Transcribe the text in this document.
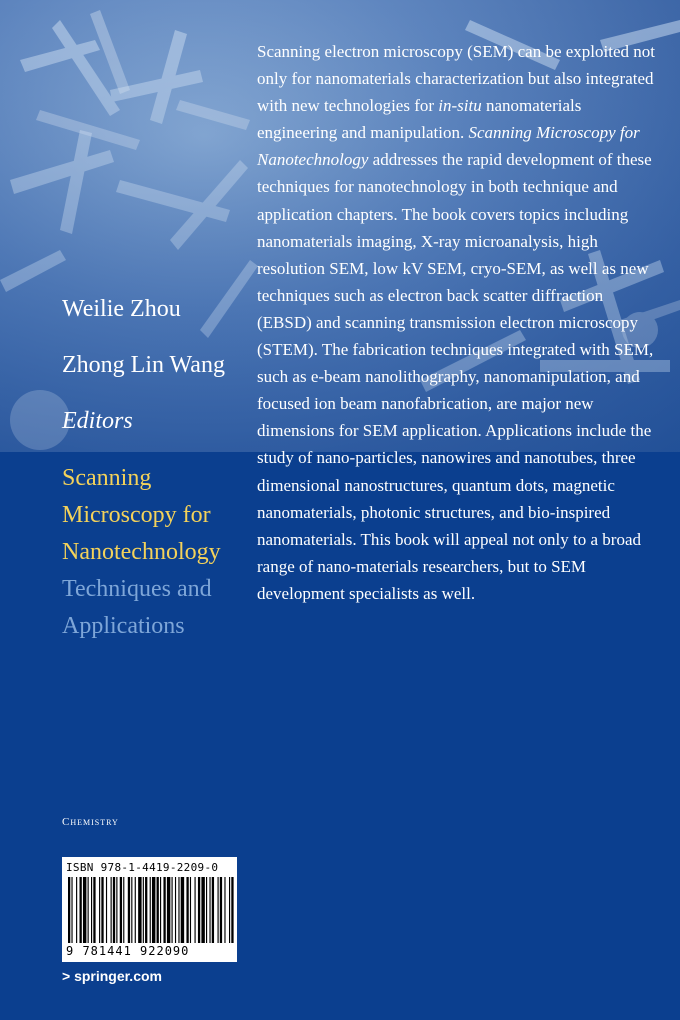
Weilie Zhou
Zhong Lin Wang
Editors
Scanning
Microscopy for
Nanotechnology
Techniques and
Applications

Scanning electron microscopy (SEM) can be exploited not only for nanomaterials characterization but also integrated with new technologies for in-situ nanomaterials engineering and manipulation. Scanning Microscopy for Nanotechnology addresses the rapid development of these techniques for nanotechnology in both technique and application chapters. The book covers topics including nanomaterials imaging, X-ray microanalysis, high resolution SEM, low kV SEM, cryo-SEM, as well as new techniques such as electron back scatter diffraction (EBSD) and scanning transmission electron microscopy (STEM). The fabrication techniques integrated with SEM, such as e-beam nanolithography, nanomanipulation, and focused ion beam nanofabrication, are major new dimensions for SEM application. Applications include the study of nano-particles, nanowires and nanotubes, three dimensional nanostructures, quantum dots, magnetic nanomaterials, photonic structures, and bio-inspired nanomaterials. This book will appeal not only to a broad range of nano-materials researchers, but to SEM development specialists as well.

Chemistry
ISBN 978-1-4419-2209-0
9 781441 922090
> springer.com
